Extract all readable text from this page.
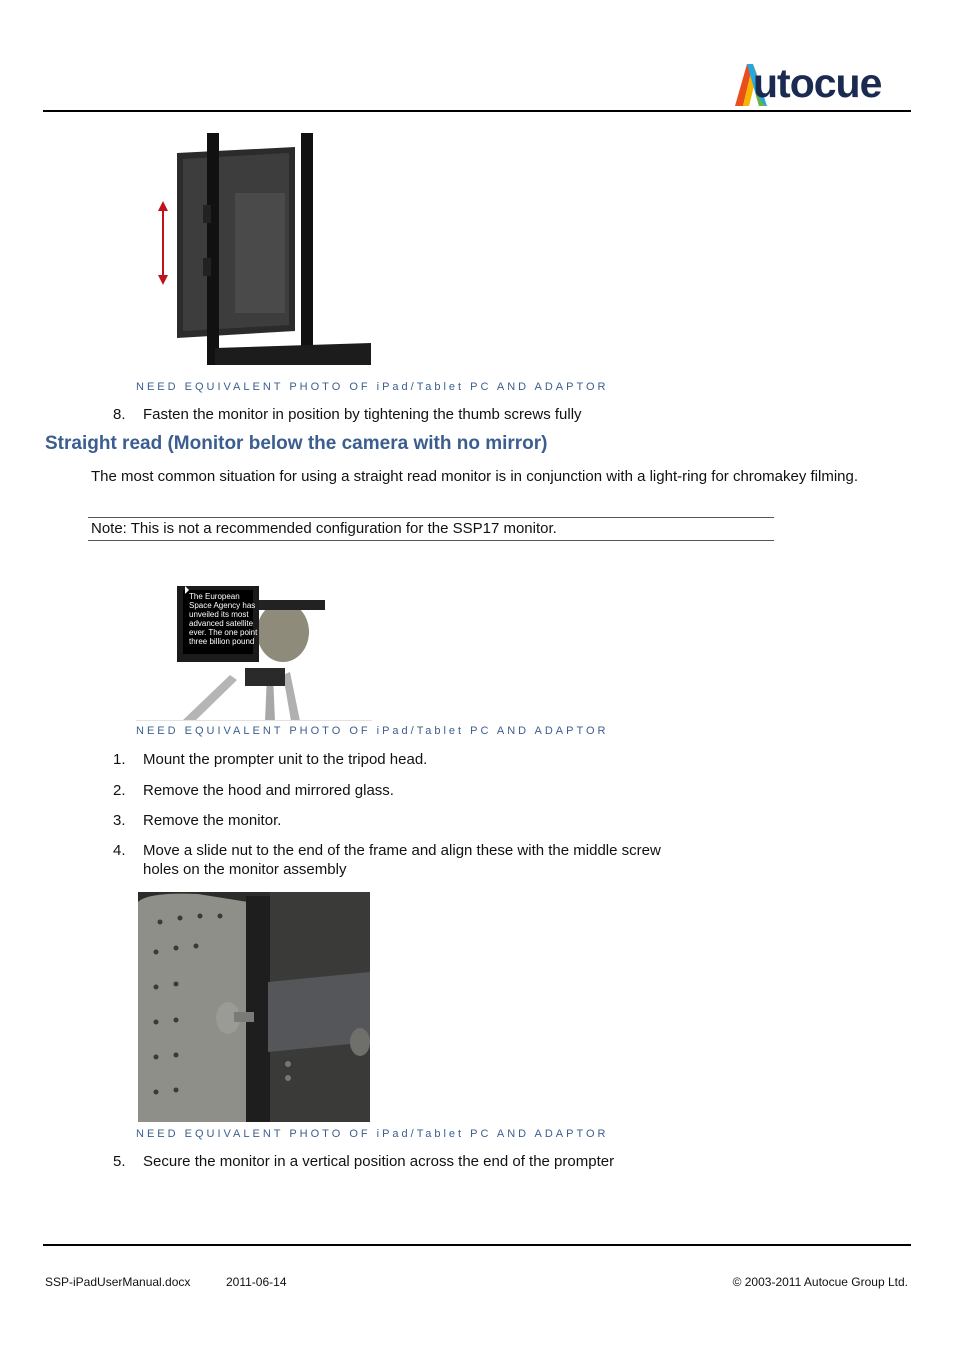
utocue
NEED EQUIVALENT PHOTO OF iPad/Tablet PC AND ADAPTOR
8. Fasten the monitor in position by tightening the thumb screws fully
Straight read (Monitor below the camera with no mirror)
The most common situation for using a straight read monitor is in conjunction with a light-ring for chromakey filming.
Note: This is not a recommended configuration for the SSP17 monitor.
The European
Space Agency has
unveiled its most
advanced satellite
ever. The one point
three billion pound
NEED EQUIVALENT PHOTO OF iPad/Tablet PC AND ADAPTOR
1. Mount the prompter unit to the tripod head.
2. Remove the hood and mirrored glass.
3. Remove the monitor.
4. Move a slide nut to the end of the frame and align these with the middle screw
holes on the monitor assembly
NEED EQUIVALENT PHOTO OF iPad/Tablet PC AND ADAPTOR
5. Secure the monitor in a vertical position across the end of the prompter
SSP-iPadUserManual.docx	2011-06-14	© 2003-2011 Autocue Group Ltd.
